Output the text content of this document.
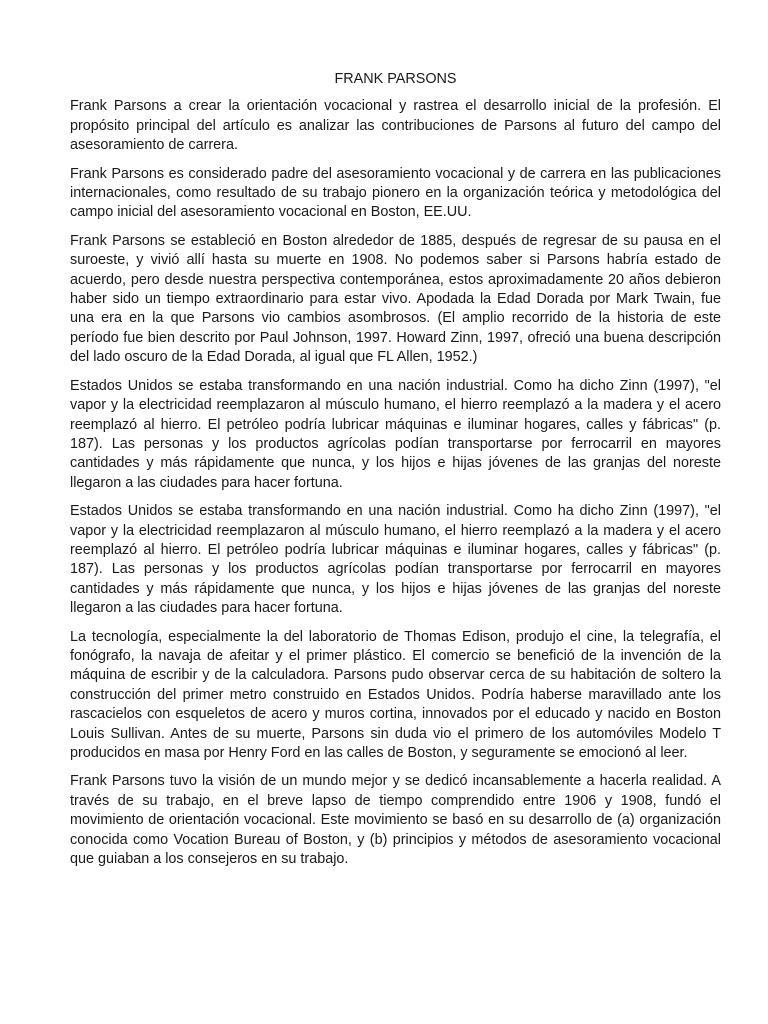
FRANK PARSONS

Frank Parsons a crear la orientación vocacional y rastrea el desarrollo inicial de la profesión. El propósito principal del artículo es analizar las contribuciones de Parsons al futuro del campo del asesoramiento de carrera.

Frank Parsons es considerado padre del asesoramiento vocacional y de carrera en las publicaciones internacionales, como resultado de su trabajo pionero en la organización teórica y metodológica del campo inicial del asesoramiento vocacional en Boston, EE.UU.

Frank Parsons se estableció en Boston alrededor de 1885, después de regresar de su pausa en el suroeste, y vivió allí hasta su muerte en 1908. No podemos saber si Parsons habría estado de acuerdo, pero desde nuestra perspectiva contemporánea, estos aproximadamente 20 años debieron haber sido un tiempo extraordinario para estar vivo. Apodada la Edad Dorada por Mark Twain, fue una era en la que Parsons vio cambios asombrosos. (El amplio recorrido de la historia de este período fue bien descrito por Paul Johnson, 1997. Howard Zinn, 1997, ofreció una buena descripción del lado oscuro de la Edad Dorada, al igual que FL Allen, 1952.)

Estados Unidos se estaba transformando en una nación industrial. Como ha dicho Zinn (1997), "el vapor y la electricidad reemplazaron al músculo humano, el hierro reemplazó a la madera y el acero reemplazó al hierro. El petróleo podría lubricar máquinas e iluminar hogares, calles y fábricas" (p. 187). Las personas y los productos agrícolas podían transportarse por ferrocarril en mayores cantidades y más rápidamente que nunca, y los hijos e hijas jóvenes de las granjas del noreste llegaron a las ciudades para hacer fortuna.

Estados Unidos se estaba transformando en una nación industrial. Como ha dicho Zinn (1997), "el vapor y la electricidad reemplazaron al músculo humano, el hierro reemplazó a la madera y el acero reemplazó al hierro. El petróleo podría lubricar máquinas e iluminar hogares, calles y fábricas" (p. 187). Las personas y los productos agrícolas podían transportarse por ferrocarril en mayores cantidades y más rápidamente que nunca, y los hijos e hijas jóvenes de las granjas del noreste llegaron a las ciudades para hacer fortuna.

La tecnología, especialmente la del laboratorio de Thomas Edison, produjo el cine, la telegrafía, el fonógrafo, la navaja de afeitar y el primer plástico. El comercio se benefició de la invención de la máquina de escribir y de la calculadora. Parsons pudo observar cerca de su habitación de soltero la construcción del primer metro construido en Estados Unidos. Podría haberse maravillado ante los rascacielos con esqueletos de acero y muros cortina, innovados por el educado y nacido en Boston Louis Sullivan. Antes de su muerte, Parsons sin duda vio el primero de los automóviles Modelo T producidos en masa por Henry Ford en las calles de Boston, y seguramente se emocionó al leer.

Frank Parsons tuvo la visión de un mundo mejor y se dedicó incansablemente a hacerla realidad. A través de su trabajo, en el breve lapso de tiempo comprendido entre 1906 y 1908, fundó el movimiento de orientación vocacional. Este movimiento se basó en su desarrollo de (a) organización conocida como Vocation Bureau of Boston, y (b) principios y métodos de asesoramiento vocacional que guiaban a los consejeros en su trabajo.
